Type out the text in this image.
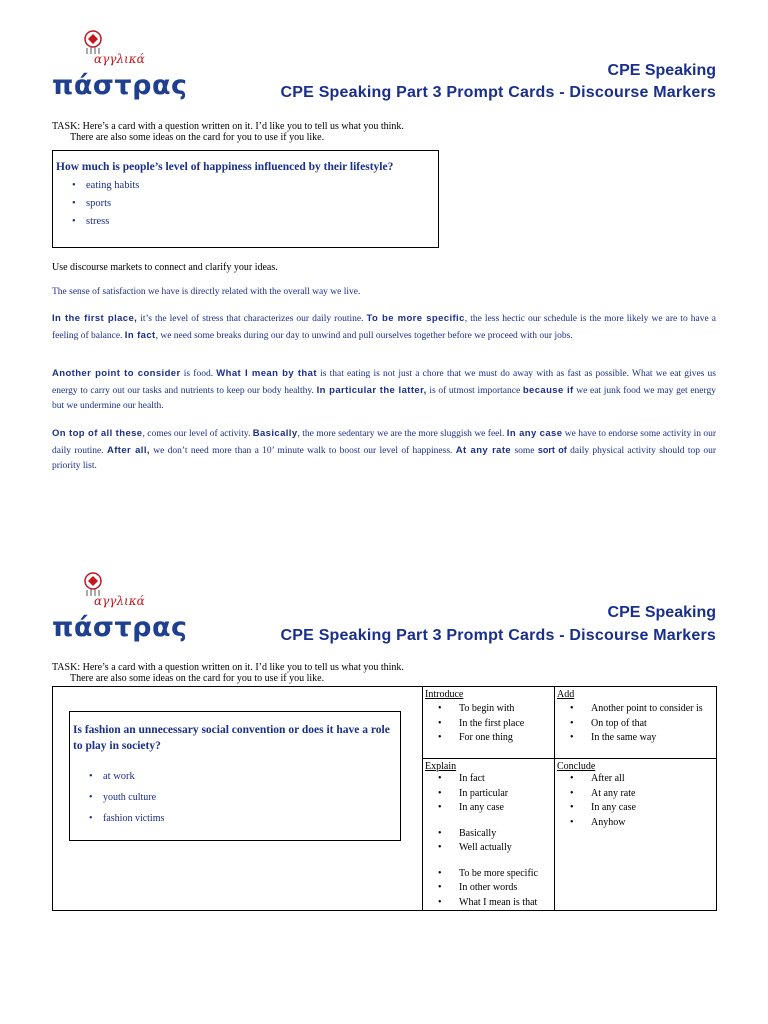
αγγλικά
πάστρας	CPE Speaking
CPE Speaking Part 3 Prompt Cards - Discourse Markers
TASK: Here’s a card with a question written on it. I’d like you to tell us what you think.
There are also some ideas on the card for you to use if you like.
How much is people’s level of happiness influenced by their lifestyle?
• eating habits
• sports
• stress
Use discourse markets to connect and clarify your ideas.
The sense of satisfaction we have is directly related with the overall way we live.
In the first place, it’s the level of stress that characterizes our daily routine. To be more specific, the less hectic our schedule is the more likely we are to have a feeling of balance. In fact, we need some breaks during our day to unwind and pull ourselves together before we proceed with our jobs.
Another point to consider is food. What I mean by that is that eating is not just a chore that we must do away with as fast as possible. What we eat gives us energy to carry out our tasks and nutrients to keep our body healthy. In particular the latter, is of utmost importance because if we eat junk food we may get energy but we undermine our health.
On top of all these, comes our level of activity. Basically, the more sedentary we are the more sluggish we feel. In any case we have to endorse some activity in our daily routine. After all, we don’t need more than a 10’ minute walk to boost our level of happiness. At any rate some sort of daily physical activity should top our priority list.
αγγλικά
πάστρας	CPE Speaking
CPE Speaking Part 3 Prompt Cards - Discourse Markers
TASK: Here’s a card with a question written on it. I’d like you to tell us what you think.
There are also some ideas on the card for you to use if you like.
Is fashion an unnecessary social convention or does it have a role to play in society?
• at work
• youth culture
• fashion victims
Introduce
• To begin with
• In the first place
• For one thing
Add
• Another point to consider is
• On top of that
• In the same way
Explain
• In fact
• In particular
• In any case
• Basically
• Well actually
• To be more specific
• In other words
• What I mean is that
Conclude
• After all
• At any rate
• In any case
• Anyhow
